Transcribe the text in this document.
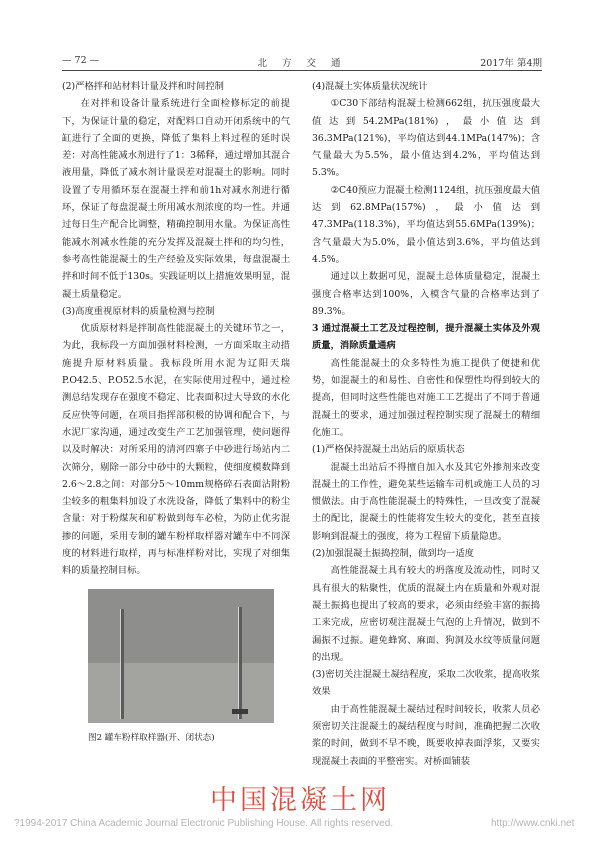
— 72 —	北 方 交 通	2017年 第4期

(2)严格拌和站材料计量及拌和时间控制

在对拌和设备计量系统进行全面检修标定的前提下，为保证计量的稳定，对配料口自动开闭系统中的气缸进行了全面的更换，降低了集料上料过程的延时误差：对高性能减水剂进行了1：3稀释，通过增加其混合液用量，降低了减水剂计量误差对混凝土的影响。同时设置了专用循环泵在混凝土拌和前1h对减水剂进行循环，保证了每盘混凝土所用减水剂浓度的均一性。并通过每日生产配合比调整，精确控制用水量。为保证高性能减水剂减水性能的充分发挥及混凝土拌和的均匀性，参考高性能混凝土的生产经验及实际效果，每盘混凝土拌和时间不低于130s。实践证明以上措施效果明显，混凝土质量稳定。

(3)高度重视原材料的质量检测与控制

优质原材料是拌制高性能混凝土的关键环节之一，为此，我标段一方面加强材料检测，一方面采取主动措施提升原材料质量。我标段所用水泥为辽阳天瑞P.O42.5、P.O52.5水泥，在实际使用过程中，通过检测总结发现存在强度不稳定、比表面积过大导致的水化反应快等问题，在项目指挥部积极的协调和配合下，与水泥厂家沟通，通过改变生产工艺加强管理，使问题得以及时解决：对所采用的清河四寨子中砂进行场站内二次筛分，剔除一部分中砂中的大颗粒，使细度模数降到2.6～2.8之间：对部分5～10mm规格碎石表面沾附粉尘较多的粗集料加设了水洗设备，降低了集料中的粉尘含量：对于粉煤灰和矿粉做到每车必检，为防止优劣混掺的问题，采用专制的罐车粉样取样器对罐车中不同深度的材料进行取样，再与标准样粉对比，实现了对细集料的质量控制目标。

图2 罐车粉样取样器(开、闭状态)

(4)混凝土实体质量状况统计

①C30下部结构混凝土检测662组，抗压强度最大值达到54.2MPa(181%)，最小值达到36.3MPa(121%)，平均值达到44.1MPa(147%)；含气量最大为5.5%，最小值达到4.2%，平均值达到5.3%。

②C40预应力混凝土检测1124组，抗压强度最大值达到62.8MPa(157%)，最小值达到47.3MPa(118.3%)，平均值达到55.6MPa(139%)；含气量最大为5.0%，最小值达到3.6%，平均值达到4.5%。

通过以上数据可见，混凝土总体质量稳定，混凝土强度合格率达到100%，入模含气量的合格率达到了89.3%。

3 通过混凝土工艺及过程控制，提升混凝土实体及外观质量，消除质量通病

高性能混凝土的众多特性为施工提供了便捷和优势，如混凝土的和易性、自密性和保塑性均得到较大的提高，但同时这些性能也对施工工艺提出了不同于普通混凝土的要求，通过加强过程控制实现了混凝土的精细化施工。

(1)严格保持混凝土出站后的原质状态

混凝土出站后不得擅自加入水及其它外掺剂来改变混凝土的工作性，避免某些运输车司机或施工人员的习惯做法。由于高性能混凝土的特殊性，一旦改变了混凝土的配比，混凝土的性能将发生较大的变化，甚至直接影响到混凝土的强度，将为工程留下质量隐患。

(2)加强混凝土振捣控制，做到均一适度

高性能混凝土具有较大的坍落度及流动性，同时又具有很大的粘聚性，优质的混凝土内在质量和外观对混凝土振捣也提出了较高的要求，必须由经验丰富的振捣工来完成，应密切观注混凝土气泡的上升情况，做到不漏振不过振。避免蜂窝、麻面、狗洞及水纹等质量问题的出现。

(3)密切关注混凝土凝结程度，采取二次收浆，提高收浆效果

由于高性能混凝土凝结过程时间较长，收浆人员必须密切关注混凝土的凝结程度与时间，准确把握二次收浆的时间，做到不早不晚，既要收掉表面浮浆，又要实现混凝土表面的平整密实。对桥面铺装

中国混凝土网
?1994-2017 China Academic Journal Electronic Publishing House. All rights reserved.	http://www.cnki.net
